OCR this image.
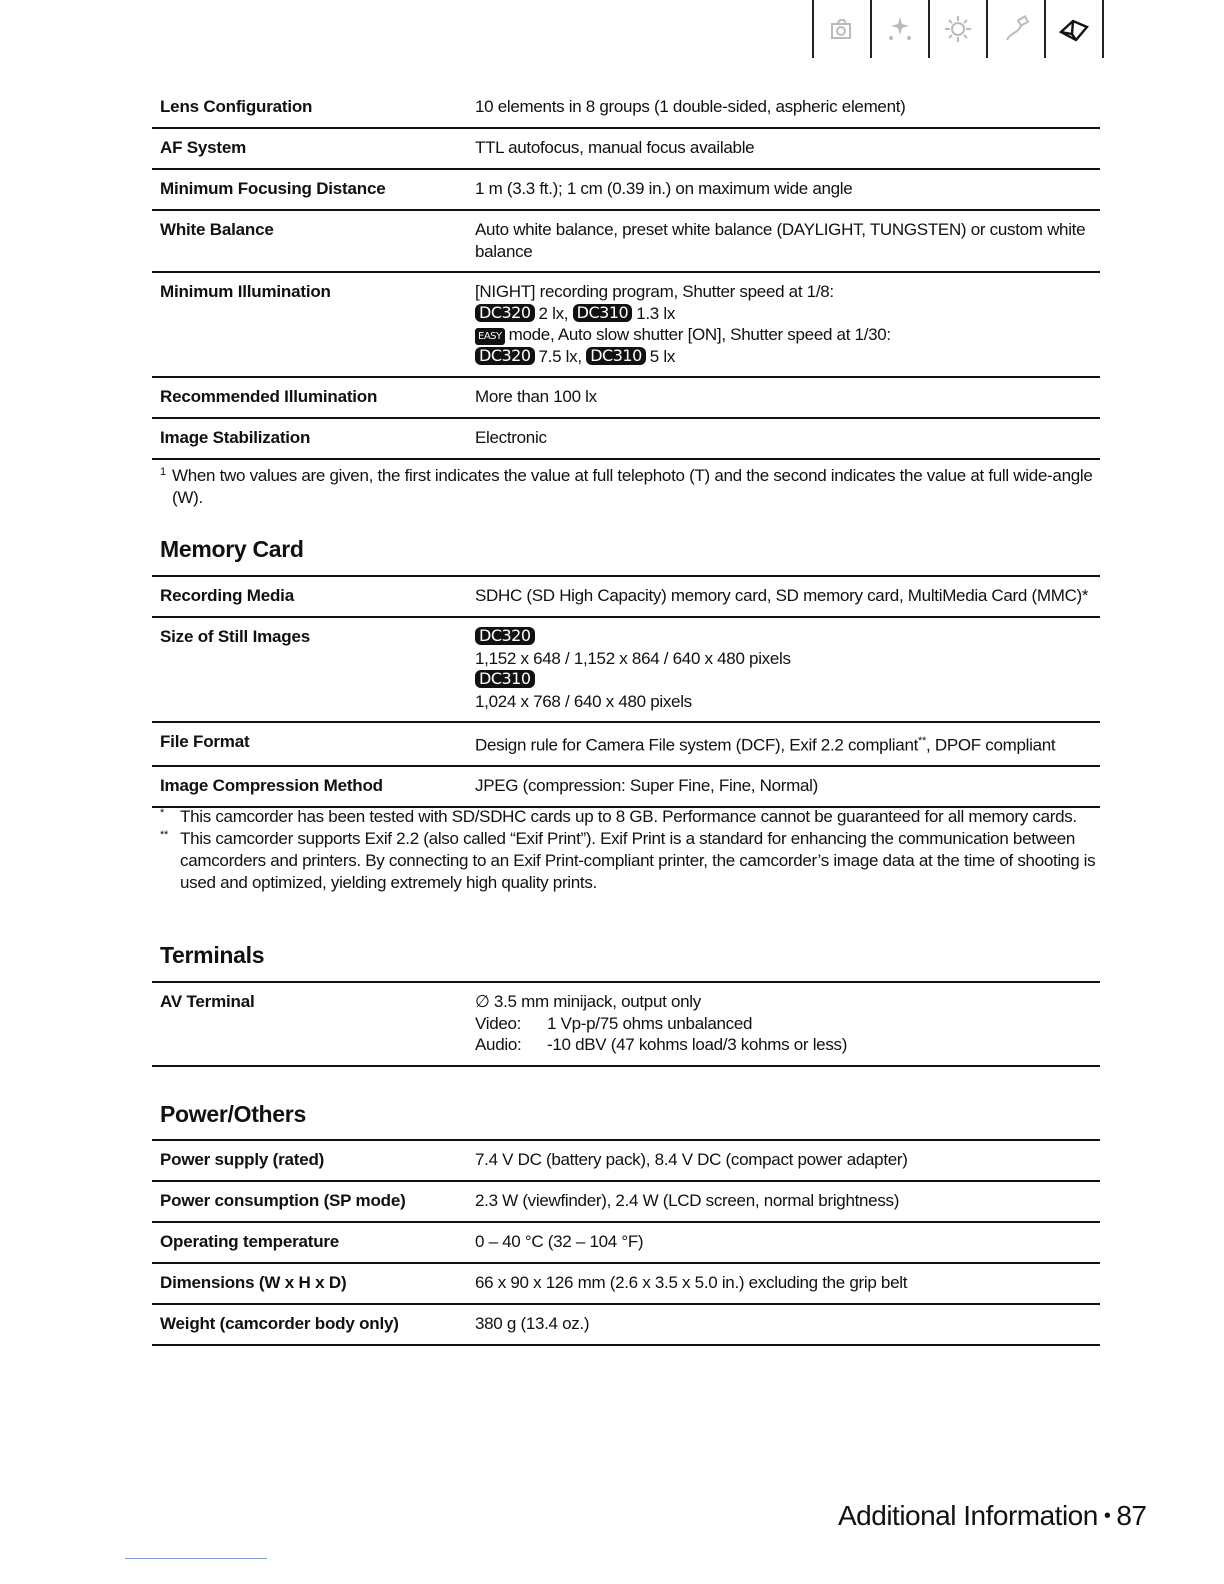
Lens Configuration	10 elements in 8 groups (1 double-sided, aspheric element)
AF System	TTL autofocus, manual focus available
Minimum Focusing Distance	1 m (3.3 ft.); 1 cm (0.39 in.) on maximum wide angle
White Balance	Auto white balance, preset white balance (DAYLIGHT, TUNGSTEN) or custom white
balance
Minimum Illumination	[NIGHT] recording program, Shutter speed at 1/8:
DC320 2 lx, DC310 1.3 lx
EASY mode, Auto slow shutter [ON], Shutter speed at 1/30:
DC320 7.5 lx, DC310 5 lx
Recommended Illumination	More than 100 lx
Image Stabilization	Electronic
1 When two values are given, the first indicates the value at full telephoto (T) and the second indicates the value at full wide-angle (W).
Memory Card
Recording Media	SDHC (SD High Capacity) memory card, SD memory card, MultiMedia Card (MMC)*
Size of Still Images	DC320
1,152 x 648 / 1,152 x 864 / 640 x 480 pixels
DC310
1,024 x 768 / 640 x 480 pixels
File Format	Design rule for Camera File system (DCF), Exif 2.2 compliant**, DPOF compliant
Image Compression Method	JPEG (compression: Super Fine, Fine, Normal)
* This camcorder has been tested with SD/SDHC cards up to 8 GB. Performance cannot be guaranteed for all memory cards.
** This camcorder supports Exif 2.2 (also called “Exif Print”). Exif Print is a standard for enhancing the communication between
camcorders and printers. By connecting to an Exif Print-compliant printer, the camcorder’s image data at the time of shooting is
used and optimized, yielding extremely high quality prints.
Terminals
AV Terminal	∅ 3.5 mm minijack, output only
Video:	1 Vp-p/75 ohms unbalanced
Audio:	-10 dBV (47 kohms load/3 kohms or less)
Power/Others
Power supply (rated)	7.4 V DC (battery pack), 8.4 V DC (compact power adapter)
Power consumption (SP mode)	2.3 W (viewfinder), 2.4 W (LCD screen, normal brightness)
Operating temperature	0 – 40 °C (32 – 104 °F)
Dimensions (W x H x D)	66 x 90 x 126 mm (2.6 x 3.5 x 5.0 in.) excluding the grip belt
Weight (camcorder body only)	380 g (13.4 oz.)
Additional Information • 87
